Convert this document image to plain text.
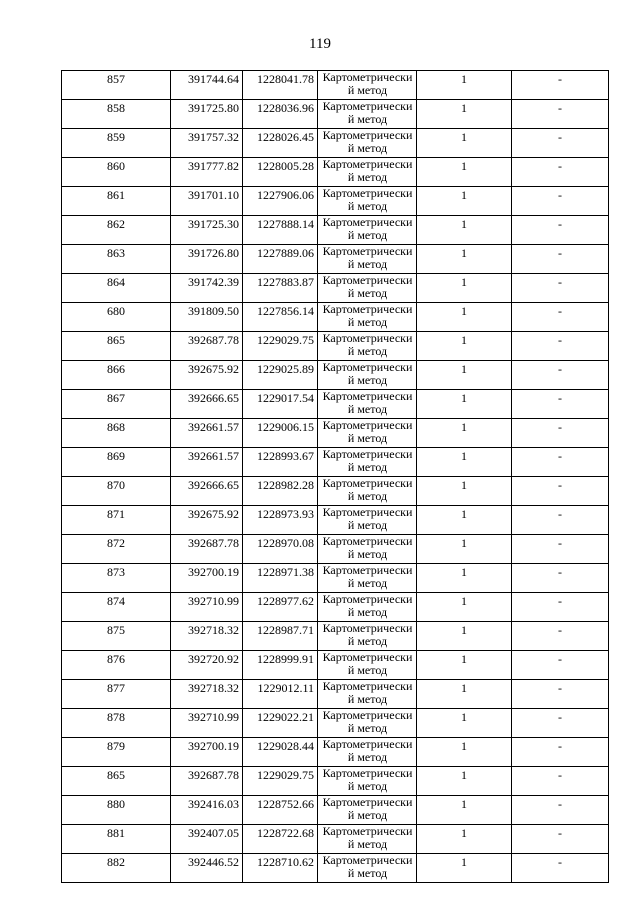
119
857	391744.64	1228041.78	Картометрически
й метод	1	-
858	391725.80	1228036.96	Картометрически
й метод	1	-
859	391757.32	1228026.45	Картометрически
й метод	1	-
860	391777.82	1228005.28	Картометрически
й метод	1	-
861	391701.10	1227906.06	Картометрически
й метод	1	-
862	391725.30	1227888.14	Картометрически
й метод	1	-
863	391726.80	1227889.06	Картометрически
й метод	1	-
864	391742.39	1227883.87	Картометрически
й метод	1	-
680	391809.50	1227856.14	Картометрически
й метод	1	-
865	392687.78	1229029.75	Картометрически
й метод	1	-
866	392675.92	1229025.89	Картометрически
й метод	1	-
867	392666.65	1229017.54	Картометрически
й метод	1	-
868	392661.57	1229006.15	Картометрически
й метод	1	-
869	392661.57	1228993.67	Картометрически
й метод	1	-
870	392666.65	1228982.28	Картометрически
й метод	1	-
871	392675.92	1228973.93	Картометрически
й метод	1	-
872	392687.78	1228970.08	Картометрически
й метод	1	-
873	392700.19	1228971.38	Картометрически
й метод	1	-
874	392710.99	1228977.62	Картометрически
й метод	1	-
875	392718.32	1228987.71	Картометрически
й метод	1	-
876	392720.92	1228999.91	Картометрически
й метод	1	-
877	392718.32	1229012.11	Картометрически
й метод	1	-
878	392710.99	1229022.21	Картометрически
й метод	1	-
879	392700.19	1229028.44	Картометрически
й метод	1	-
865	392687.78	1229029.75	Картометрически
й метод	1	-
880	392416.03	1228752.66	Картометрически
й метод	1	-
881	392407.05	1228722.68	Картометрически
й метод	1	-
882	392446.52	1228710.62	Картометрически
й метод	1	-
